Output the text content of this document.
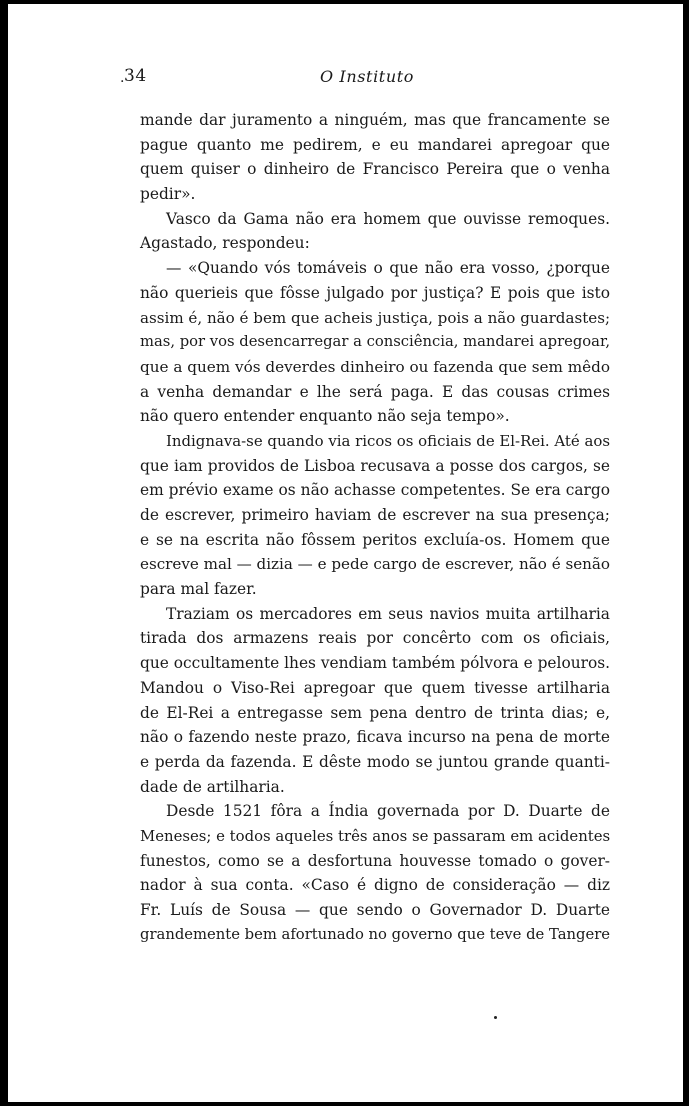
. 34	O Instituto
mande dar juramento a ninguém, mas que francamente se
pague quanto me pedirem, e eu mandarei apregoar que
quem quiser o dinheiro de Francisco Pereira que o venha
pedir».
Vasco da Gama não era homem que ouvisse remoques.
Agastado, respondeu:
— «Quando vós tomáveis o que não era vosso, ¿porque
não querieis que fôsse julgado por justiça? E pois que isto
assim é, não é bem que acheis justiça, pois a não guardastes;
mas, por vos desencarregar a consciência, mandarei apregoar,
que a quem vós deverdes dinheiro ou fazenda que sem mêdo
a venha demandar e lhe será paga. E das cousas crimes
não quero entender enquanto não seja tempo».
Indignava-se quando via ricos os oficiais de El-Rei. Até aos
que iam providos de Lisboa recusava a posse dos cargos, se
em prévio exame os não achasse competentes. Se era cargo
de escrever, primeiro haviam de escrever na sua presença;
e se na escrita não fôssem peritos excluía-os. Homem que
escreve mal — dizia — e pede cargo de escrever, não é senão
para mal fazer.
Traziam os mercadores em seus navios muita artilharia
tirada dos armazens reais por concêrto com os oficiais,
que occultamente lhes vendiam também pólvora e pelouros.
Mandou o Viso-Rei apregoar que quem tivesse artilharia
de El-Rei a entregasse sem pena dentro de trinta dias; e,
não o fazendo neste prazo, ficava incurso na pena de morte
e perda da fazenda. E dêste modo se juntou grande quanti-
dade de artilharia.
Desde 1521 fôra a Índia governada por D. Duarte de
Meneses; e todos aqueles três anos se passaram em acidentes
funestos, como se a desfortuna houvesse tomado o gover-
nador à sua conta. «Caso é digno de consideração — diz
Fr. Luís de Sousa — que sendo o Governador D. Duarte
grandemente bem afortunado no governo que teve de Tangere
